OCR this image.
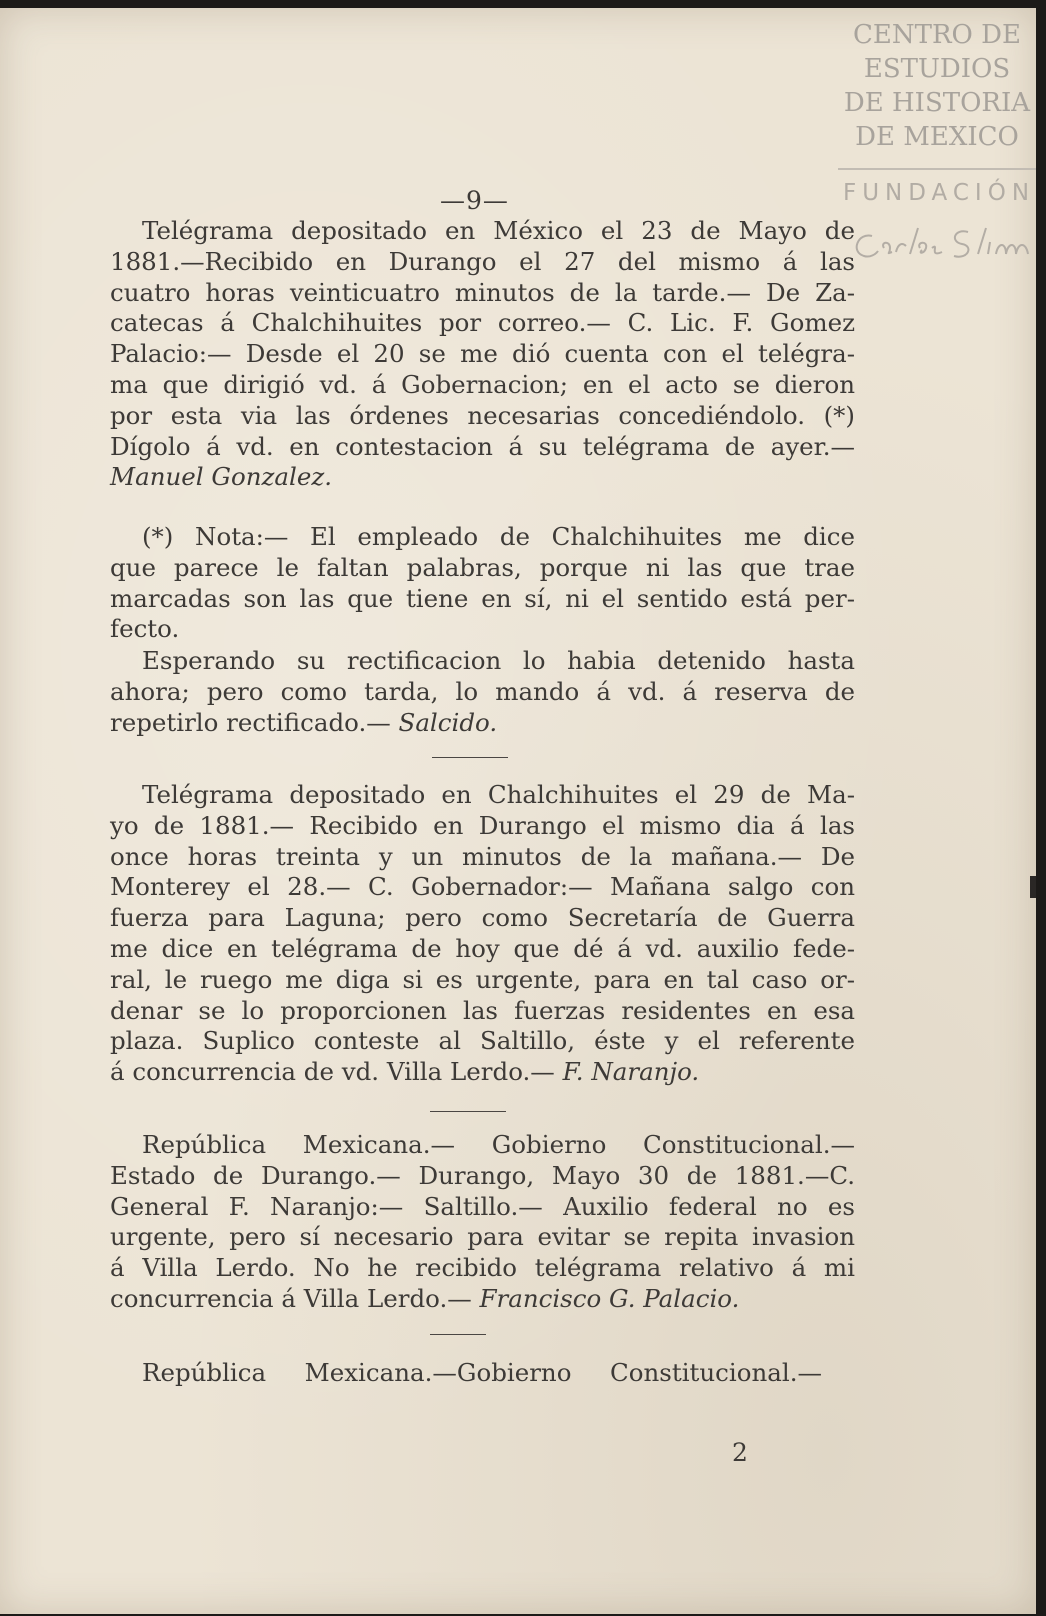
CENTRO DE
ESTUDIOS
DE HISTORIA
DE MEXICO
FUNDACIÓN
—9—
Telégrama depositado en México el 23 de Mayo de
1881.—Recibido en Durango el 27 del mismo á las
cuatro horas veinticuatro minutos de la tarde.— De Za-
catecas á Chalchihuites por correo.— C. Lic. F. Gomez
Palacio:— Desde el 20 se me dió cuenta con el telégra-
ma que dirigió vd. á Gobernacion; en el acto se dieron
por esta via las órdenes necesarias concediéndolo. (*)
Dígolo á vd. en contestacion á su telégrama de ayer.—
Manuel Gonzalez.
(*) Nota:— El empleado de Chalchihuites me dice
que parece le faltan palabras, porque ni las que trae
marcadas son las que tiene en sí, ni el sentido está per-
fecto.
Esperando su rectificacion lo habia detenido hasta
ahora; pero como tarda, lo mando á vd. á reserva de
repetirlo rectificado.— Salcido.
Telégrama depositado en Chalchihuites el 29 de Ma-
yo de 1881.— Recibido en Durango el mismo dia á las
once horas treinta y un minutos de la mañana.— De
Monterey el 28.— C. Gobernador:— Mañana salgo con
fuerza para Laguna; pero como Secretaría de Guerra
me dice en telégrama de hoy que dé á vd. auxilio fede-
ral, le ruego me diga si es urgente, para en tal caso or-
denar se lo proporcionen las fuerzas residentes en esa
plaza. Suplico conteste al Saltillo, éste y el referente
á concurrencia de vd. Villa Lerdo.— F. Naranjo.
República Mexicana.— Gobierno Constitucional.—
Estado de Durango.— Durango, Mayo 30 de 1881.—C.
General F. Naranjo:— Saltillo.— Auxilio federal no es
urgente, pero sí necesario para evitar se repita invasion
á Villa Lerdo. No he recibido telégrama relativo á mi
concurrencia á Villa Lerdo.— Francisco G. Palacio.
República Mexicana.—Gobierno Constitucional.—
2
